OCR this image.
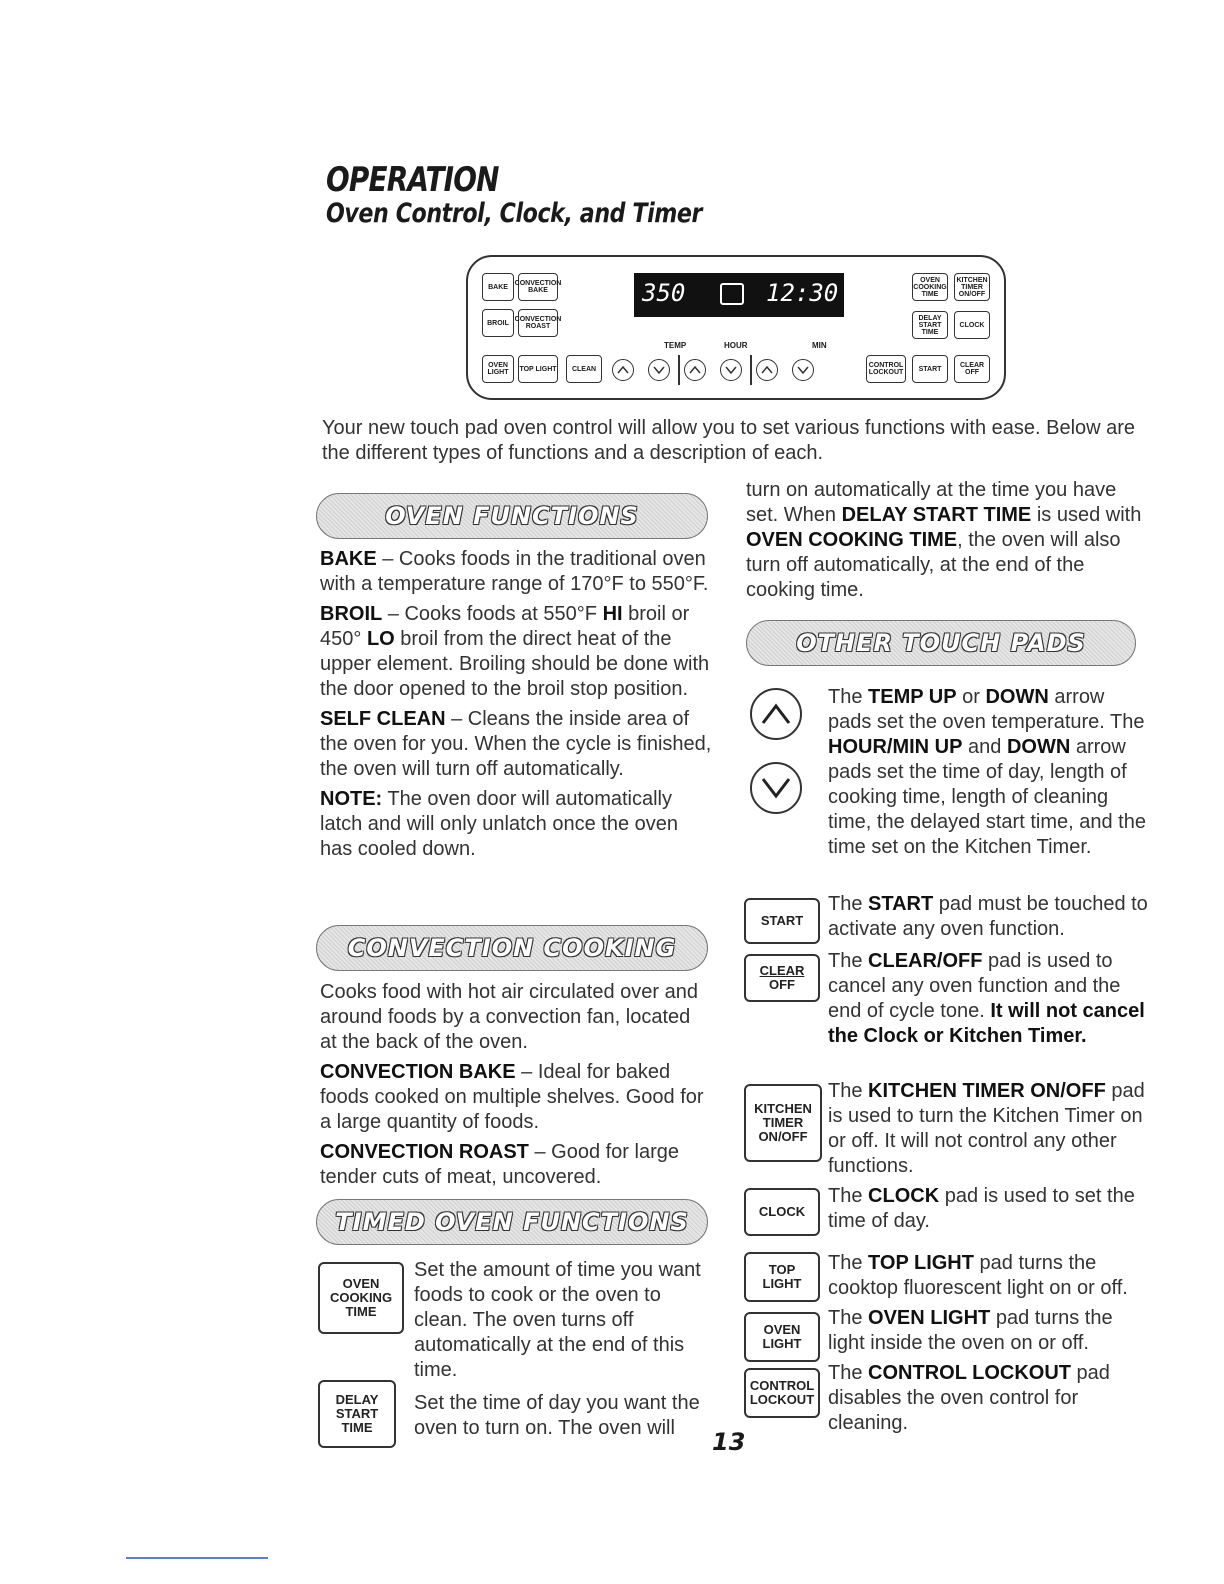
OPERATION
Oven Control, Clock, and Timer
BAKE CONVECTION BAKE
BROIL CONVECTION ROAST
OVEN LIGHT	TOP LIGHT CLEAN
350	12:30
TEMP	HOUR	MIN
CONTROL LOCKOUT START	CLEAR OFF
OVEN COOKING TIME
KITCHEN TIMER ON/OFF
DELAY START TIME
CLOCK

Your new touch pad oven control will allow you to set various functions with ease. Below are the different types of functions and a description of each.

OVEN FUNCTIONS

BAKE – Cooks foods in the traditional oven with a temperature range of 170°F to 550°F.

BROIL – Cooks foods at 550°F HI broil or 450° LO broil from the direct heat of the upper element. Broiling should be done with the door opened to the broil stop position.

SELF CLEAN – Cleans the inside area of the oven for you. When the cycle is finished, the oven will turn off automatically.

NOTE: The oven door will automatically latch and will only unlatch once the oven has cooled down.

CONVECTION COOKING

Cooks food with hot air circulated over and around foods by a convection fan, located at the back of the oven.

CONVECTION BAKE – Ideal for baked foods cooked on multiple shelves. Good for a large quantity of foods.

CONVECTION ROAST – Good for large tender cuts of meat, uncovered.

TIMED OVEN FUNCTIONS
OVEN
COOKING
TIME

Set the amount of time you want foods to cook or the oven to clean. The oven turns off automatically at the end of this time.

DELAY
START
TIME

Set the time of day you want the oven to turn on. The oven will	13

turn on automatically at the time you have set. When DELAY START TIME is used with OVEN COOKING TIME, the oven will also turn off automatically, at the end of the cooking time.

OTHER TOUCH PADS

The TEMP UP or DOWN arrow pads set the oven temperature. The HOUR/MIN UP and DOWN arrow pads set the time of day, length of cooking time, length of cleaning time, the delayed start time, and the time set on the Kitchen Timer.

START

The START pad must be touched to activate any oven function.

CLEAR
OFF

The CLEAR/OFF pad is used to cancel any oven function and the end of cycle tone. It will not cancel the Clock or Kitchen Timer.

KITCHEN
TIMER
ON/OFF

The KITCHEN TIMER ON/OFF pad is used to turn the Kitchen Timer on or off. It will not control any other functions.

CLOCK

The CLOCK pad is used to set the time of day.

TOP
LIGHT

The TOP LIGHT pad turns the cooktop fluorescent light on or off.

OVEN
LIGHT

The OVEN LIGHT pad turns the light inside the oven on or off.

CONTROL
LOCKOUT

The CONTROL LOCKOUT pad disables the oven control for cleaning.
